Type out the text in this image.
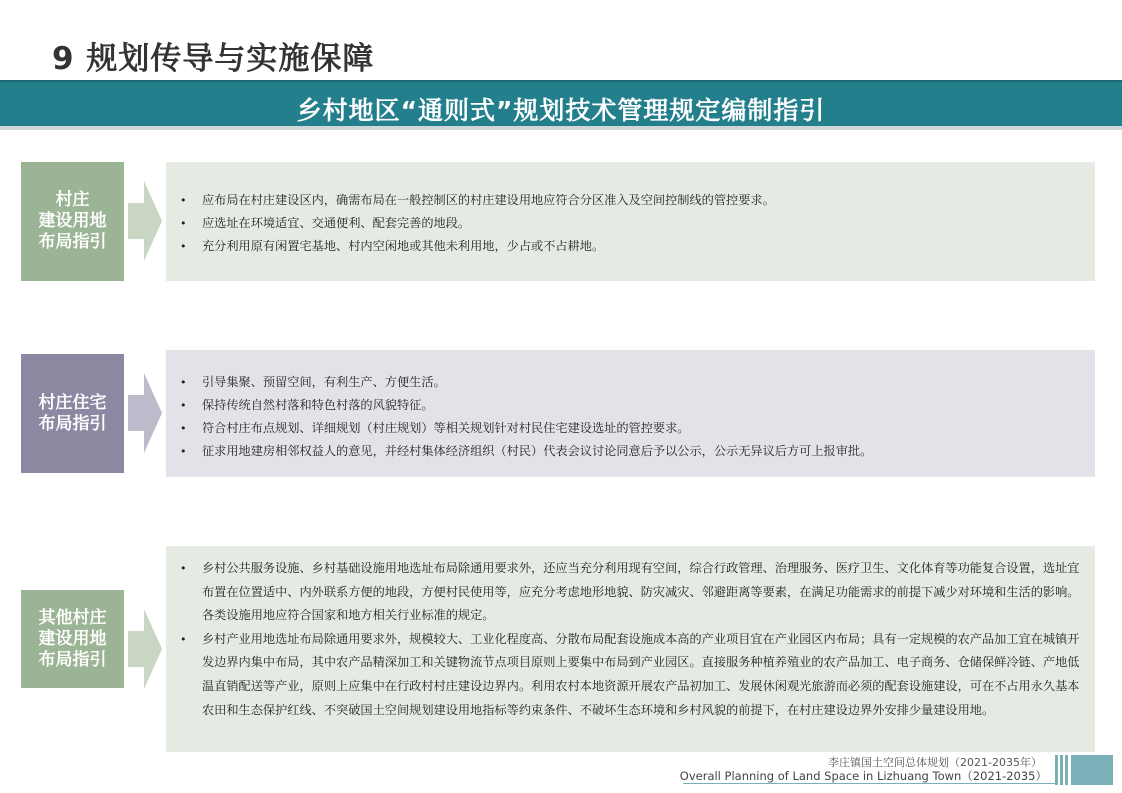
9 规划传导与实施保障
乡村地区“通则式”规划技术管理规定编制指引
村庄
建设用地
布局指引
• 应布局在村庄建设区内，确需布局在一般控制区的村庄建设用地应符合分区准入及空间控制线的管控要求。
• 应选址在环境适宜、交通便利、配套完善的地段。
• 充分利用原有闲置宅基地、村内空闲地或其他未利用地，少占或不占耕地。
村庄住宅
布局指引
• 引导集聚、预留空间，有利生产、方便生活。
• 保持传统自然村落和特色村落的风貌特征。
• 符合村庄布点规划、详细规划（村庄规划）等相关规划针对村民住宅建设选址的管控要求。
• 征求用地建房相邻权益人的意见，并经村集体经济组织（村民）代表会议讨论同意后予以公示，公示无异议后方可上报审批。
其他村庄
建设用地
布局指引
• 乡村公共服务设施、乡村基础设施用地选址布局除通用要求外，还应当充分利用现有空间，综合行政管理、治理服务、医疗卫生、文化体育等功能复合设置，选址宜布置在位置适中、内外联系方便的地段，方便村民使用等，应充分考虑地形地貌、防灾减灾、邻避距离等要素，在满足功能需求的前提下减少对环境和生活的影响。各类设施用地应符合国家和地方相关行业标准的规定。
• 乡村产业用地选址布局除通用要求外，规模较大、工业化程度高、分散布局配套设施成本高的产业项目宜在产业园区内布局；具有一定规模的农产品加工宜在城镇开发边界内集中布局，其中农产品精深加工和关键物流节点项目原则上要集中布局到产业园区。直接服务种植养殖业的农产品加工、电子商务、仓储保鲜冷链、产地低温直销配送等产业，原则上应集中在行政村村庄建设边界内。利用农村本地资源开展农产品初加工、发展休闲观光旅游而必须的配套设施建设，可在不占用永久基本农田和生态保护红线、不突破国土空间规划建设用地指标等约束条件、不破坏生态环境和乡村风貌的前提下，在村庄建设边界外安排少量建设用地。
李庄镇国土空间总体规划（2021-2035年）
Overall Planning of Land Space in Lizhuang Town（2021-2035）
